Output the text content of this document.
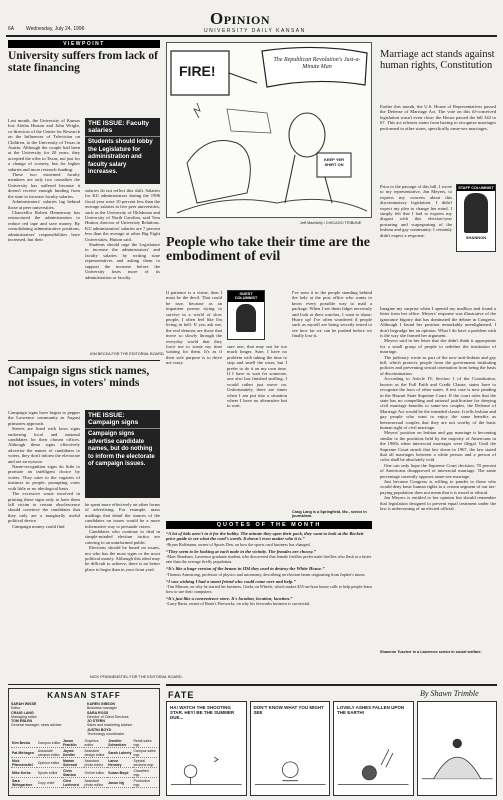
6A Wednesday, July 24, 1996
Opinion
UNIVERSITY DAILY KANSAN
VIEWPOINT
University suffers from lack of state financing

Last month, the University of Kansas lost Aletha Huston and John Wright, co-directors of the Center for Research on the Influences of Television on Children, to the University of Texas in Austin. Although the couple had been at the University for 20 years, they accepted the offer in Texas, not just for a change of scenery, but for higher salaries and more research funding.

These two esteemed faculty members are only two casualties the University has suffered because it doesn't receive enough funding from the state to increase faculty salaries.

Administrators' salaries lag behind those at peer universities.

Chancellor Robert Hemenway has restructured the administration to reduce red tape and save money. By consolidating administrative positions, administrators' responsibilities have increased, but their

THE ISSUE: Faculty salaries
Students should lobby the Legislature for administration and faculty salary increases.

salaries do not reflect this shift. Salaries for KU administrators during the 1996 fiscal year were 10 percent less than the average salaries at five peer universities, such as the University of Oklahoma and University of North Carolina, said Tom Hutton, director of University Relations. KU administrators' salaries are 7 percent less than the average at other Big Eight Universities, Hutton said.

Students should urge the Legislature to increase the administrators' and faculty salaries by writing state representatives and asking them to support the increase before the University loses more of its administration or faculty.

KIM BECKA FOR THE EDITORIAL BOARD.
Campaign signs stick names, not issues, in voters' minds

Campaign signs have begun to pepper the Lawrence community as August primaries approach.

Streets are lined with lawn signs endorsing local and national candidates for their chosen offices. Although these signs effectively advertise the names of candidates to voters, they don't inform the electorate and are an eyesore.

Name-recognition signs do little to promote an intelligent choice by voters. They cater to the vagaries of instincts in people, prompting votes with little or no ideological basis.

The excessive waste involved in printing these signs only to have them fall victim to certain obsolescence should convince the candidates that they only are a marginally useful political device.

Campaign money could find

THE ISSUE: Campaign signs
Campaign signs advertise candidate names, but do nothing to inform the electorate of campaign issues.

be spent more effectively on other forms of advertising. For example, mass mailings that detail the stances of the candidates on issues would be a more informative way to persuade voters.

Candidates who continue to deal in simple-minded election tactics are catering to an uninformed public.

Elections should be based on issues, not who has the most signs or the most political money. Although this ideal may be difficult to achieve, there is no better place to begin than in your front yard.

NICK PFANNENSTIEL FOR THE EDITORIAL BOARD.
KANSAN STAFF
SARAH WISSE
Editor
CRAIG LANG
Managing editor
TOM EBLEN
General manager, news adviser
KAREN GIBSON
Business manager
SARA ROSS
Director of Client Services
JO STERN
Sales and marketing adviser
JUSTIN BOYD
Technology coordinator
Kim Becka	Campus editor	Jason Franklin	Graphics editor	Jennifer Schweitzer	Retail sales mgr.
Pat Mirhagen	Associate campus editor	Jayme Dentler	Assistant design editor	Sarah Laherty	Campus sales mgr.
Nick Pfannenstiel	Opinion editor	Marian Schrand	Assistant photo editor	Lance Hensley	Special sections mgr.
Mike Kerbs	Sports editor	Chris Stanton	Online editor	Susan Boyd	Classified mgr.
Sara Weingartner	Copy chief	Clint Loehnerd	Assistant photo editor	Jason Ng	Production mgr.
FIRE!
The Republican Revolution's Just-a-Minute Man
KEEP YER SHIRT ON
Jeff MacNelly / CHICAGO TRIBUNE
People who take their time are the embodiment of evil

If patience is a virtue, then I must be the devil. That could be true, because as an impatient person trying to survive in a world of slow people, I often feel like I'm living in hell. If you ask me, the real demons are those that move so slowly through the everyday world that they force me to waste my time waiting for them. It's as if their sole purpose is to drive me crazy.

GUEST COLUMNIST

sure one, that may not be too much longer. Sure, I have no problem with taking the time to stop and smell the roses, but I prefer to do it on my own time. If I have to wait for someone, one also has finished sniffing, I would rather just move on. Unfortunately, there are times when I am put into a situation where I have no alternative but to wait.

I've seen it in the people standing behind the lady at the post office who wants to know every possible way to mail a package. When I see them fidget nervously and look at their watches, I want to shout: Hurry up! I've often wondered if people such as myself are being secretly tested to see how far we can be pushed before we finally lose it.

Craig Lang is a Springfield, Mo., senior in journalism.
QUOTES OF THE MONTH
“A lot of kids aren't in it for the hobby. The minute they open their pack, they want to look at the Beckett price guide to see what the card's worth. It doesn't even matter who it is.”
-Bryan Hoffmann, owner of Sports Den, on how the sports card business has changed.
“They seem to be looking at each male in the vicinity. The females are choosy.”
-Marc Branham, Lawrence graduate student, who discovered that female fireflies prefer male fireflies who flash at a faster rate than the average firefly population.
“It's like a huge version of the beams in ID4 they used to destroy the White House.”
-Thomas Armstrong, professor of physics and astronomy, describing an electron beam originating from Jupiter's moon.
“I was wishing I had a smart friend who could come over and help.”
-Tim Minson, on why he started his business, Geeks on Wheels, which makes $35-an-hour house calls to help people learn how to use their computers.
“It's just like a convenience store. It's location, location, location.”
-Larry Barta, owner of Barta's Fireworks, on why his fireworks business is successful.
Marriage act stands against human rights, Constitution

Earlier this month, the U.S. House of Representatives passed the Defense of Marriage Act. The vote on this ill-conceived legislation wasn't even close; the House passed the bill 342 to 67. This act releases states from having to recognize marriages performed in other states, specifically same-sex marriages.

Prior to the passage of this bill, I wrote to my representative, Jan Meyers, to express my concern about this discriminatory legislation. I didn't expect my plea to change her mind. I simply felt that I had to express my disgust with this election-year posturing and scapegoating of the lesbian and gay community. I certainly didn't expect a response.

STAFF COLUMNIST
SHANNON

Imagine my surprise when I opened my mailbox and found a letter from her office. Meyers' response was illustrative of the ignorance bigotry that has dominated the debate in Congress. Although I found her position remarkably unenlightened, I don't begrudge her an opinion. What I do have a problem with is the way she framed her argument.

Meyers said in her letter that she didn't think it appropriate for a small group of people to redefine the institution of marriage.

The judiciary wrote as part of the new anti-lesbian and gay bill, which protects people from the government instituting policies and preventing sexual orientation from being the basis of discrimination.

According to Article IV, Section 1 of the Constitution, known as the Full Faith and Credit Clause, states have to recognize the laws of other states. A test case is now pending in the Hawaii State Supreme Court. If the court rules that the state has no compelling and rational justification for denying civil marriage benefits to same-sex couples, the Defense of Marriage Act would be the intended clause. It tells lesbian and gay people who want to enjoy the same benefits as heterosexual couples that they are not worthy of the basic human right of civil marriage.

Meyers' position on lesbian and gay marriage is becoming similar to the positions held by the majority of Americans in the 1960s when interracial marriages were illegal. Until the Supreme Court struck that law down in 1967, the law stated that all marriages between a white person and a person of color shall be absolutely void.

One can only hope the Supreme Court decision, 70 percent of Americans disapproved of interracial marriage. The same percentage currently opposes same-sex marriage.

Just because Congress is willing to pander to those who would deny basic human rights to a certain segment of our tax-paying population does not mean that it is moral or ethical.

Jan Meyers is entitled to her opinion but should remember that legislation designed to prevent equal treatment under the law is unbecoming of an elected official.

Shannon Tuscher is a Lawrence senior in social welfare.
FATE	By Shawn Trimble
HA! WATCH THE SHOOTING STAR. HEY! BE THE SUMMER DUE...
DON'T KNOW WHAT YOU MIGHT SEE
LOVELY ASHES FALLEN UPON THE EARTH!
